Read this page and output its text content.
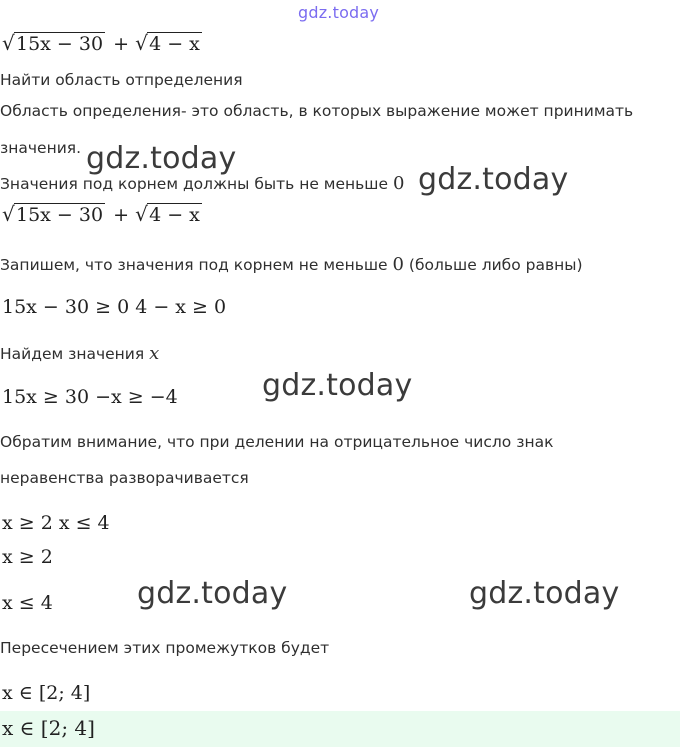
gdz.today
√ 15x − 30 + √ 4 − x
Найти область отпределения
Область определения- это область, в которых выражение может принимать
значения. gdz.today
Значения под корнем должны быть не меньше 0 gdz.today
√ 15x − 30 + √ 4 − x
Запишем, что значения под корнем не меньше 0 (больше либо равны)
15x − 30 ≥ 0 4 − x ≥ 0
Найдем значения x
15x ≥ 30 −x ≥ −4	gdz.today
Обратим внимание, что при делении на отрицательное число знак
неравенства разворачивается
x ≥ 2 x ≤ 4
x ≥ 2
x ≤ 4	gdz.today	gdz.today
Пересечением этих промежутков будет
x ∈ [2; 4]
x ∈ [2; 4]
